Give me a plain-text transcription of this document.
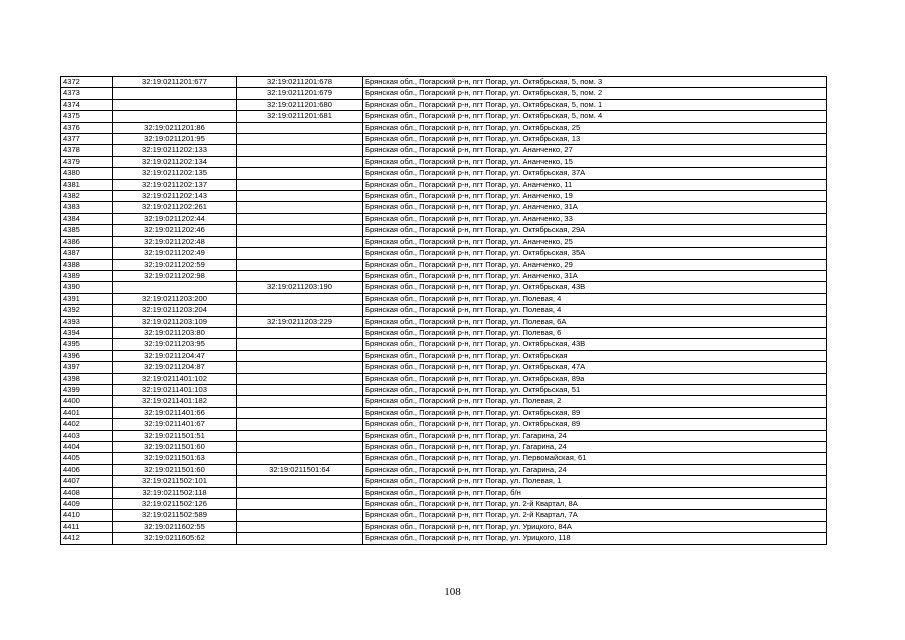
4372	32:19:0211201:677	32:19:0211201:678	Брянская обл., Погарский р-н, пгт Погар, ул. Октябрьская, 5, пом. 3
4373		32:19:0211201:679	Брянская обл., Погарский р-н, пгт Погар, ул. Октябрьская, 5, пом. 2
4374		32:19:0211201:680	Брянская обл., Погарский р-н, пгт Погар, ул. Октябрьская, 5, пом. 1
4375		32:19:0211201:681	Брянская обл., Погарский р-н, пгт Погар, ул. Октябрьская, 5, пом. 4
4376	32:19:0211201:86		Брянская обл., Погарский р-н, пгт Погар, ул. Октябрьская, 25
4377	32:19:0211201:95		Брянская обл., Погарский р-н, пгт Погар, ул. Октябрьская, 13
4378	32:19:0211202:133		Брянская обл., Погарский р-н, пгт Погар, ул. Ананченко, 27
4379	32:19:0211202:134		Брянская обл., Погарский р-н, пгт Погар, ул. Ананченко, 15
4380	32:19:0211202:135		Брянская обл., Погарский р-н, пгт Погар, ул. Октябрьская, 37А
4381	32:19:0211202:137		Брянская обл., Погарский р-н, пгт Погар, ул. Ананченко, 11
4382	32:19:0211202:143		Брянская обл., Погарский р-н, пгт Погар, ул. Ананченко, 19
4383	32:19:0211202:261		Брянская обл., Погарский р-н, пгт Погар, ул. Ананченко, 31А
4384	32:19:0211202:44		Брянская обл., Погарский р-н, пгт Погар, ул. Ананченко, 33
4385	32:19:0211202:46		Брянская обл., Погарский р-н, пгт Погар, ул. Октябрьская, 29А
4386	32:19:0211202:48		Брянская обл., Погарский р-н, пгт Погар, ул. Ананченко, 25
4387	32:19:0211202:49		Брянская обл., Погарский р-н, пгт Погар, ул. Октябрьская, 35А
4388	32:19:0211202:59		Брянская обл., Погарский р-н, пгт Погар, ул. Ананченко, 29
4389	32:19:0211202:98		Брянская обл., Погарский р-н, пгт Погар, ул. Ананченко, 31А
4390		32:19:0211203:190	Брянская обл., Погарский р-н, пгт Погар, ул. Октябрьская, 43В
4391	32:19:0211203:200		Брянская обл., Погарский р-н, пгт Погар, ул. Полевая, 4
4392	32:19:0211203:204		Брянская обл., Погарский р-н, пгт Погар, ул. Полевая, 4
4393	32:19:0211203:109	32:19:0211203:229	Брянская обл., Погарский р-н, пгт Погар, ул. Полевая, 6А
4394	32:19:0211203:80		Брянская обл., Погарский р-н, пгт Погар, ул. Полевая, 6
4395	32:19:0211203:95		Брянская обл., Погарский р-н, пгт Погар, ул. Октябрьская, 43В
4396	32:19:0211204:47		Брянская обл., Погарский р-н, пгт Погар, ул. Октябрьская
4397	32:19:0211204:87		Брянская обл., Погарский р-н, пгт Погар, ул. Октябрьская, 47А
4398	32:19:0211401:102		Брянская обл., Погарский р-н, пгт Погар, ул. Октябрьская, 89а
4399	32:19:0211401:103		Брянская обл., Погарский р-н, пгт Погар, ул. Октябрьская, 51
4400	32:19:0211401:182		Брянская обл., Погарский р-н, пгт Погар, ул. Полевая, 2
4401	32:19:0211401:66		Брянская обл., Погарский р-н, пгт Погар, ул. Октябрьская, 89
4402	32:19:0211401:67		Брянская обл., Погарский р-н, пгт Погар, ул. Октябрьская, 89
4403	32:19:0211501:51		Брянская обл., Погарский р-н, пгт Погар, ул. Гагарина, 24
4404	32:19:0211501:60		Брянская обл., Погарский р-н, пгт Погар, ул. Гагарина, 24
4405	32:19:0211501:63		Брянская обл., Погарский р-н, пгт Погар, ул. Первомайская, 61
4406	32:19:0211501:60	32:19:0211501:64	Брянская обл., Погарский р-н, пгт Погар, ул. Гагарина, 24
4407	32:19:0211502:101		Брянская обл., Погарский р-н, пгт Погар, ул. Полевая, 1
4408	32:19:0211502:118		Брянская обл., Погарский р-н, пгт Погар, б/н
4409	32:19:0211502:126		Брянская обл., Погарский р-н, пгт Погар, ул. 2-й Квартал, 8А
4410	32:19:0211502:589		Брянская обл., Погарский р-н, пгт Погар, ул. 2-й Квартал, 7А
4411	32:19:0211602:55		Брянская обл., Погарский р-н, пгт Погар, ул. Урицкого, 84А
4412	32:19:0211605:62		Брянская обл., Погарский р-н, пгт Погар, ул. Урицкого, 118
108
